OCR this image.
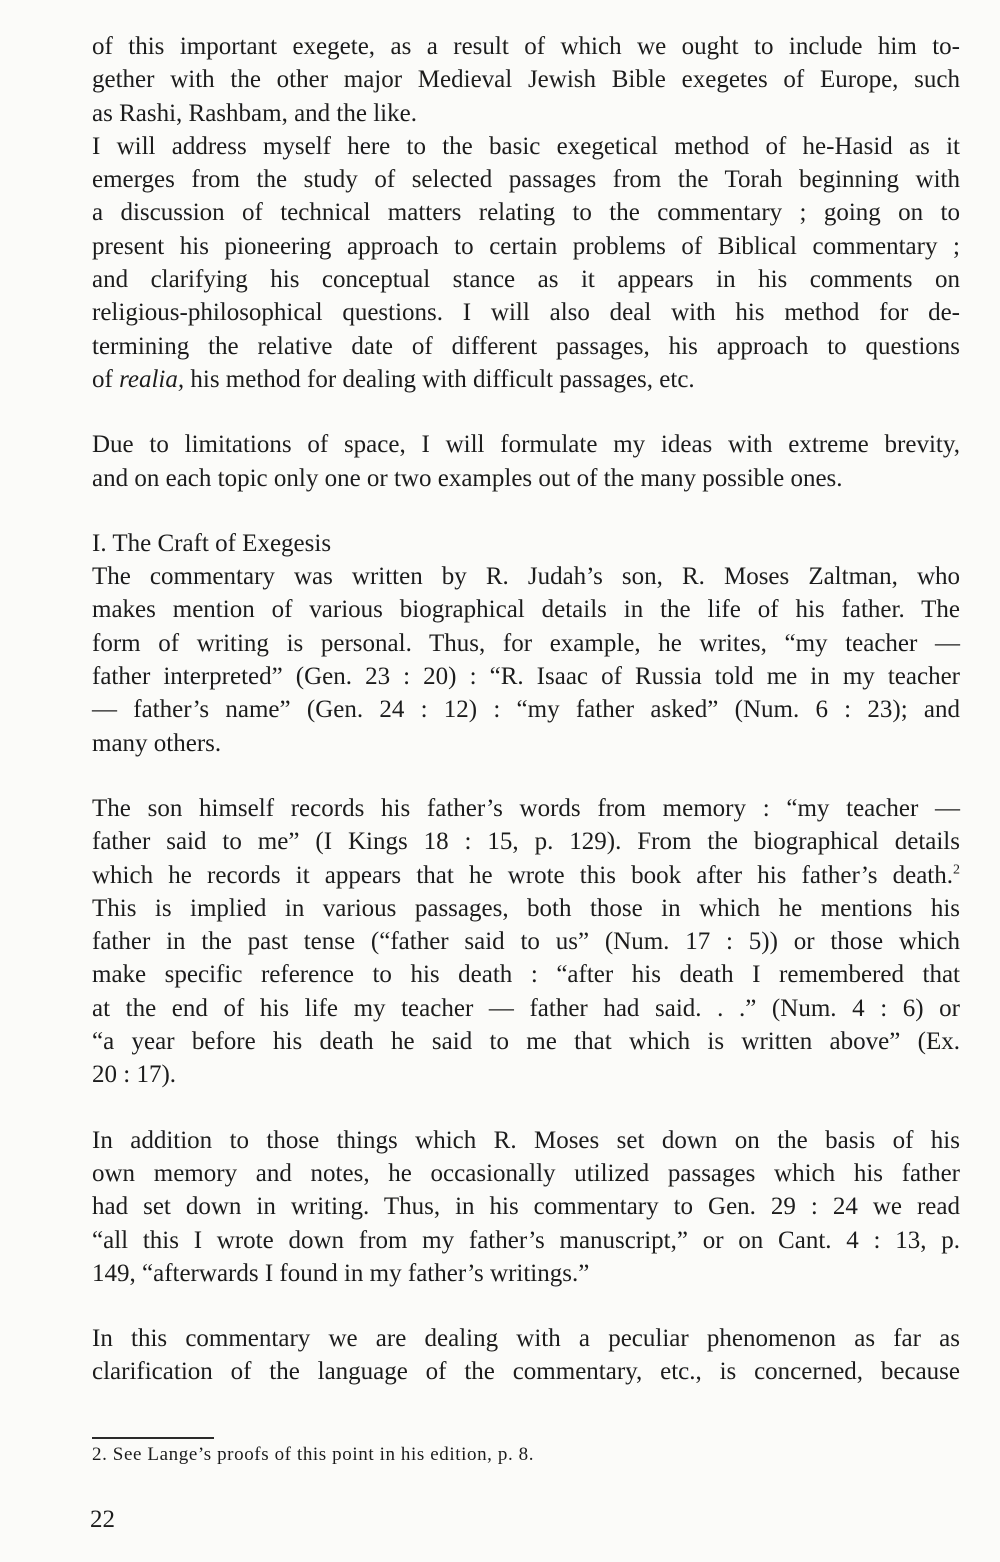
of this important exegete, as a result of which we ought to include him to-
gether with the other major Medieval Jewish Bible exegetes of Europe, such
as Rashi, Rashbam, and the like.
I will address myself here to the basic exegetical method of he-Hasid as it
emerges from the study of selected passages from the Torah beginning with
a discussion of technical matters relating to the commentary ; going on to
present his pioneering approach to certain problems of Biblical commentary ;
and clarifying his conceptual stance as it appears in his comments on
religious-philosophical questions. I will also deal with his method for de-
termining the relative date of different passages, his approach to questions
of realia, his method for dealing with difficult passages, etc.
Due to limitations of space, I will formulate my ideas with extreme brevity,
and on each topic only one or two examples out of the many possible ones.
I. The Craft of Exegesis
The commentary was written by R. Judah’s son, R. Moses Zaltman, who
makes mention of various biographical details in the life of his father. The
form of writing is personal. Thus, for example, he writes, “my teacher —
father interpreted” (Gen. 23 : 20) : “R. Isaac of Russia told me in my teacher
— father’s name” (Gen. 24 : 12) : “my father asked” (Num. 6 : 23); and
many others.
The son himself records his father’s words from memory : “my teacher —
father said to me” (I Kings 18 : 15, p. 129). From the biographical details
which he records it appears that he wrote this book after his father’s death.$^2$
This is implied in various passages, both those in which he mentions his
father in the past tense (“father said to us” (Num. 17 : 5)) or those which
make specific reference to his death : “after his death I remembered that
at the end of his life my teacher — father had said. . .” (Num. 4 : 6) or
“a year before his death he said to me that which is written above” (Ex.
20 : 17).
In addition to those things which R. Moses set down on the basis of his
own memory and notes, he occasionally utilized passages which his father
had set down in writing. Thus, in his commentary to Gen. 29 : 24 we read
“all this I wrote down from my father’s manuscript,” or on Cant. 4 : 13, p.
149, “afterwards I found in my father’s writings.”
In this commentary we are dealing with a peculiar phenomenon as far as
clarification of the language of the commentary, etc., is concerned, because
2. See Lange’s proofs of this point in his edition, p. 8.
22
